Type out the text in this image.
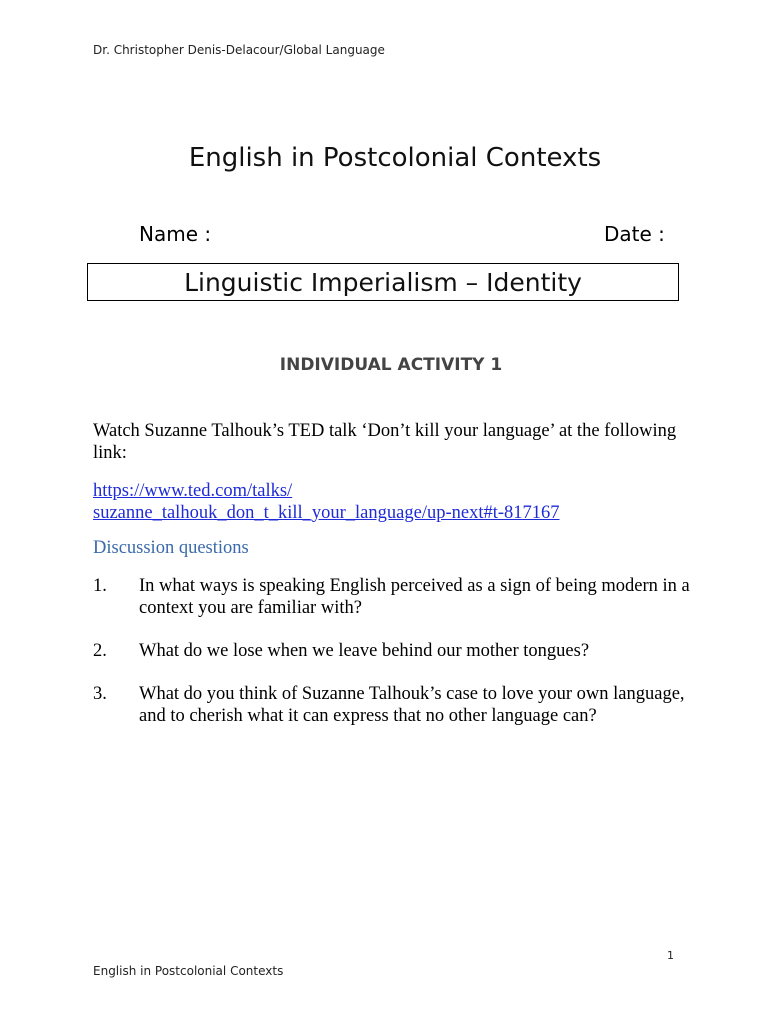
Dr. Christopher Denis-Delacour/Global Language
English in Postcolonial Contexts
Name :	Date :
Linguistic Imperialism – Identity
INDIVIDUAL ACTIVITY 1
Watch Suzanne Talhouk’s TED talk ‘Don’t kill your language’ at the following link:
https://www.ted.com/talks/
suzanne_talhouk_don_t_kill_your_language/up-next#t-817167
Discussion questions
1. In what ways is speaking English perceived as a sign of being modern in a context you are familiar with?
2. What do we lose when we leave behind our mother tongues?
3. What do you think of Suzanne Talhouk’s case to love your own language, and to cherish what it can express that no other language can?
1
English in Postcolonial Contexts
